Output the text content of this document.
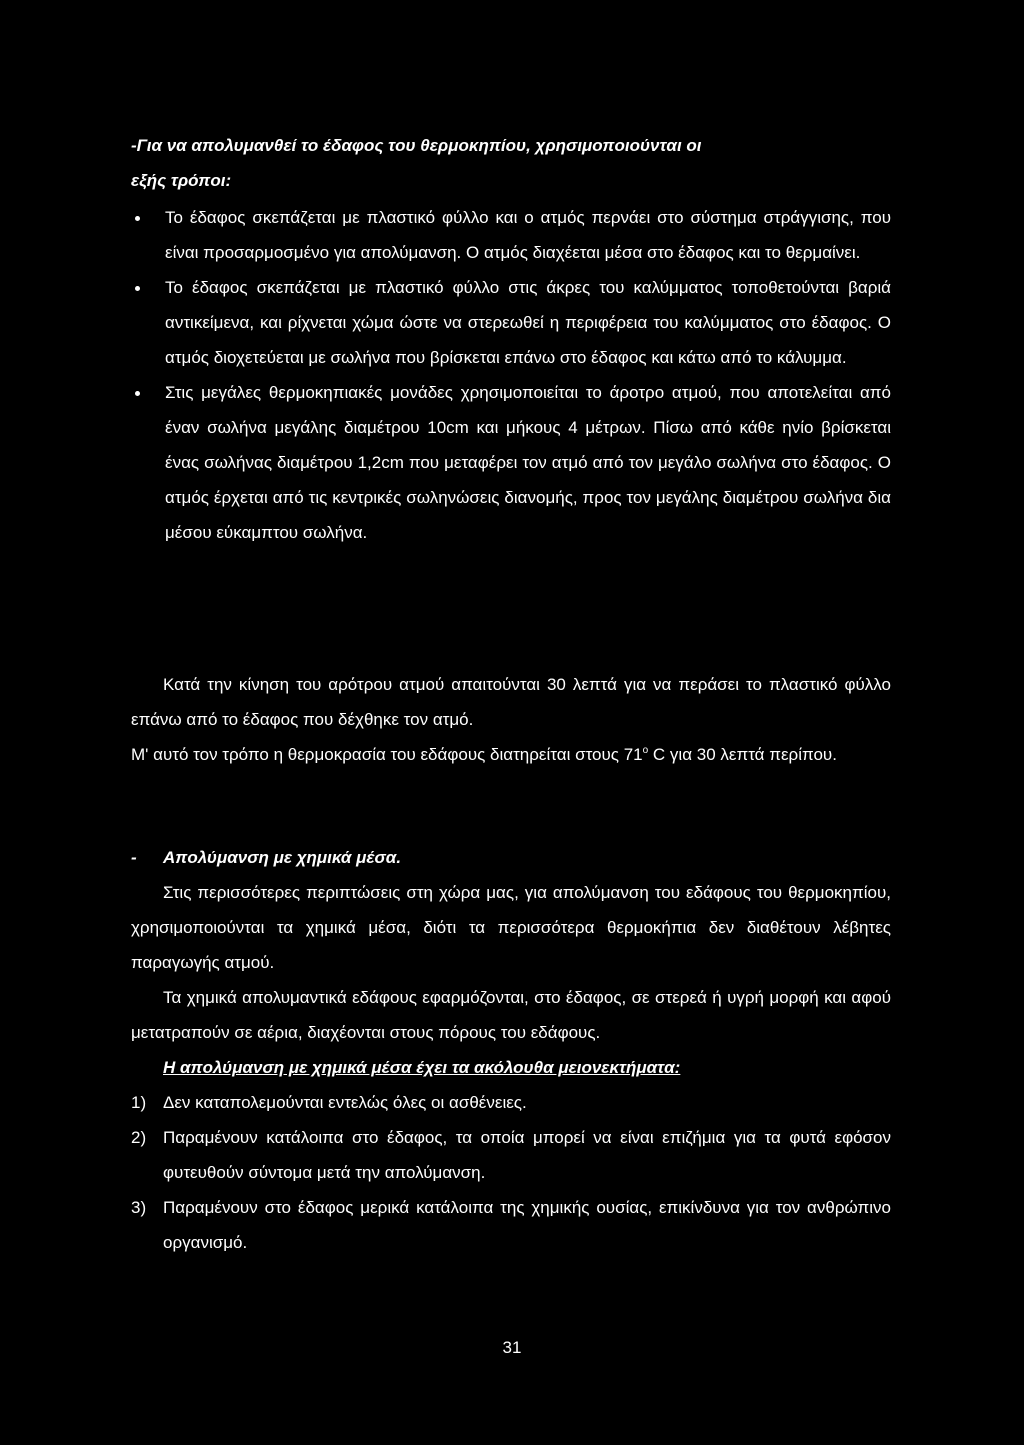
-Για να απολυμανθεί το έδαφος του θερμοκηπίου, χρησιμοποιούνται οι

εξής τρόποι:

Το έδαφος σκεπάζεται με πλαστικό φύλλο και ο ατμός περνάει στο σύστημα στράγγισης, που είναι προσαρμοσμένο για απολύμανση. Ο ατμός διαχέεται μέσα στο έδαφος και το θερμαίνει.

Το έδαφος σκεπάζεται με πλαστικό φύλλο στις άκρες του καλύμματος τοποθετούνται βαριά αντικείμενα, και ρίχνεται χώμα ώστε να στερεωθεί η περιφέρεια του καλύμματος στο έδαφος. Ο ατμός διοχετεύεται με σωλήνα που βρίσκεται επάνω στο έδαφος και κάτω από το κάλυμμα.

Στις μεγάλες θερμοκηπιακές μονάδες χρησιμοποιείται το άροτρο ατμού, που αποτελείται από έναν σωλήνα μεγάλης διαμέτρου 10cm και μήκους 4 μέτρων. Πίσω από κάθε ηνίο βρίσκεται ένας σωλήνας διαμέτρου 1,2cm που μεταφέρει τον ατμό από τον μεγάλο σωλήνα στο έδαφος. Ο ατμός έρχεται από τις κεντρικές σωληνώσεις διανομής, προς τον μεγάλης διαμέτρου σωλήνα δια μέσου εύκαμπτου σωλήνα.

Κατά την κίνηση του αρότρου ατμού απαιτούνται 30 λεπτά για να περάσει το πλαστικό φύλλο επάνω από το έδαφος που δέχθηκε τον ατμό.

Μ' αυτό τον τρόπο η θερμοκρασία του εδάφους διατηρείται στους $71^o$ C για 30 λεπτά περίπου.

- Απολύμανση με χημικά μέσα.

Στις περισσότερες περιπτώσεις στη χώρα μας, για απολύμανση του εδάφους του θερμοκηπίου, χρησιμοποιούνται τα χημικά μέσα, διότι τα περισσότερα θερμοκήπια δεν διαθέτουν λέβητες παραγωγής ατμού.

Τα χημικά απολυμαντικά εδάφους εφαρμόζονται, στο έδαφος, σε στερεά ή υγρή μορφή και αφού μετατραπούν σε αέρια, διαχέονται στους πόρους του εδάφους.

Η απολύμανση με χημικά μέσα έχει τα ακόλουθα μειονεκτήματα:

1) Δεν καταπολεμούνται εντελώς όλες οι ασθένειες.

2) Παραμένουν κατάλοιπα στο έδαφος, τα οποία μπορεί να είναι επιζήμια για τα φυτά εφόσον φυτευθούν σύντομα μετά την απολύμανση.

3) Παραμένουν στο έδαφος μερικά κατάλοιπα της χημικής ουσίας, επικίνδυνα για τον ανθρώπινο οργανισμό.

31
